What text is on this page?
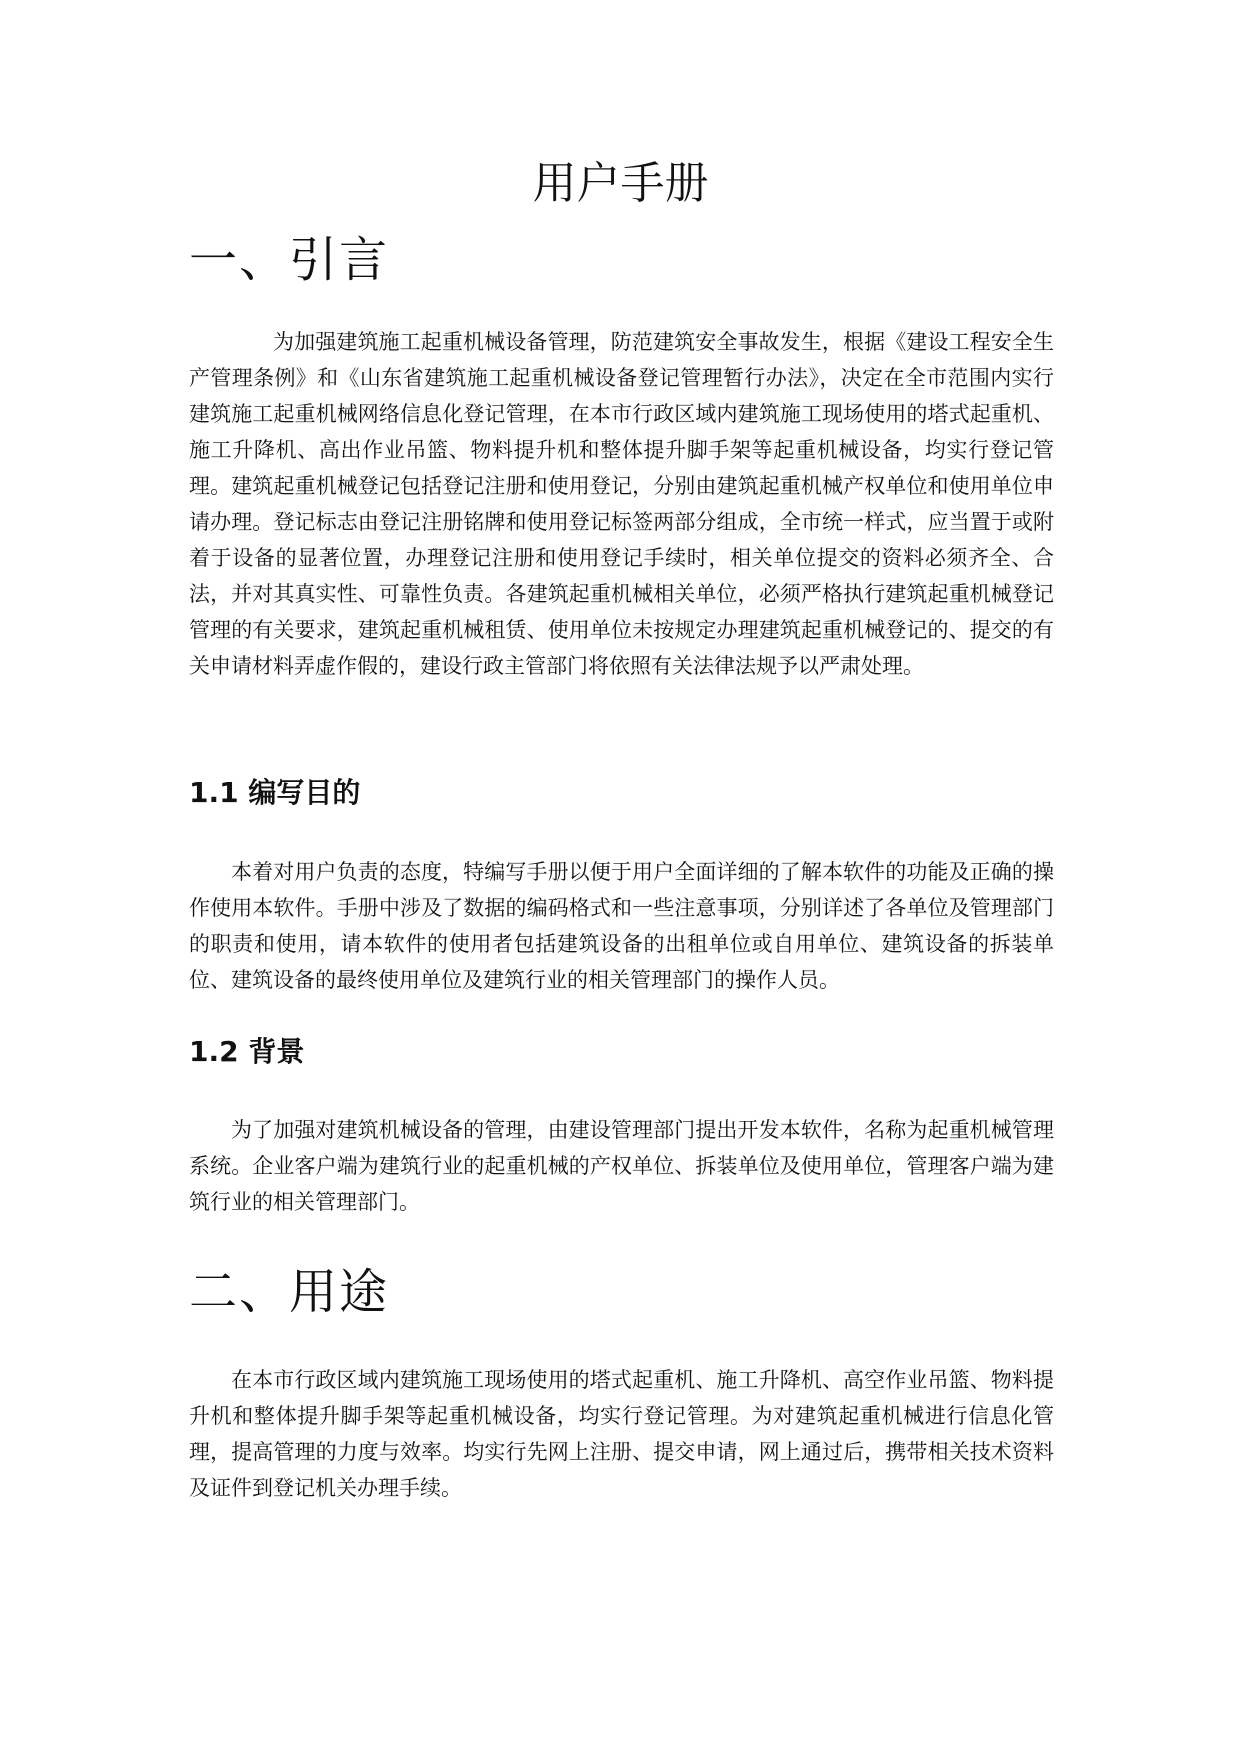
用户手册
一、引言

为加强建筑施工起重机械设备管理，防范建筑安全事故发生，根据《建设工程安全生产管理条例》和《山东省建筑施工起重机械设备登记管理暂行办法》，决定在全市范围内实行建筑施工起重机械网络信息化登记管理，在本市行政区域内建筑施工现场使用的塔式起重机、施工升降机、高出作业吊篮、物料提升机和整体提升脚手架等起重机械设备，均实行登记管理。建筑起重机械登记包括登记注册和使用登记，分别由建筑起重机械产权单位和使用单位申请办理。登记标志由登记注册铭牌和使用登记标签两部分组成，全市统一样式，应当置于或附着于设备的显著位置，办理登记注册和使用登记手续时，相关单位提交的资料必须齐全、合法，并对其真实性、可靠性负责。各建筑起重机械相关单位，必须严格执行建筑起重机械登记管理的有关要求，建筑起重机械租赁、使用单位未按规定办理建筑起重机械登记的、提交的有关申请材料弄虚作假的，建设行政主管部门将依照有关法律法规予以严肃处理。

1.1 编写目的

本着对用户负责的态度，特编写手册以便于用户全面详细的了解本软件的功能及正确的操作使用本软件。手册中涉及了数据的编码格式和一些注意事项，分别详述了各单位及管理部门的职责和使用，请本软件的使用者包括建筑设备的出租单位或自用单位、建筑设备的拆装单位、建筑设备的最终使用单位及建筑行业的相关管理部门的操作人员。

1.2 背景

为了加强对建筑机械设备的管理，由建设管理部门提出开发本软件，名称为起重机械管理系统。企业客户端为建筑行业的起重机械的产权单位、拆装单位及使用单位，管理客户端为建筑行业的相关管理部门。

二、用途

在本市行政区域内建筑施工现场使用的塔式起重机、施工升降机、高空作业吊篮、物料提升机和整体提升脚手架等起重机械设备，均实行登记管理。为对建筑起重机械进行信息化管理，提高管理的力度与效率。均实行先网上注册、提交申请，网上通过后，携带相关技术资料及证件到登记机关办理手续。
